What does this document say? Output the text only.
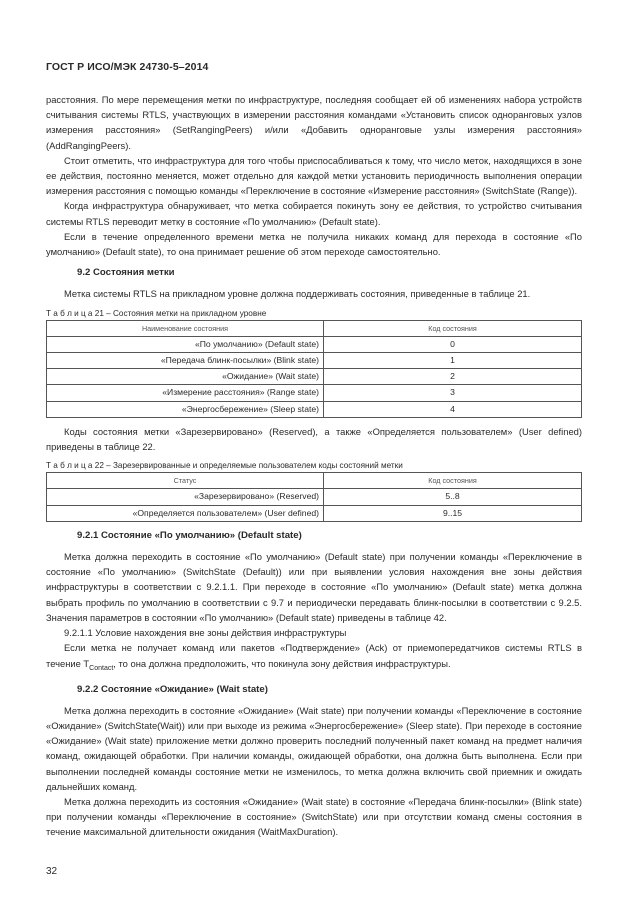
ГОСТ Р ИСО/МЭК 24730-5–2014

расстояния. По мере перемещения метки по инфраструктуре, последняя сообщает ей об изменениях набора устройств считывания системы RTLS, участвующих в измерении расстояния командами «Установить список одноранговых узлов измерения расстояния» (SetRangingPeers) и/или «Добавить одноранговые узлы измерения расстояния» (AddRangingPeers).

Стоит отметить, что инфраструктура для того чтобы приспосабливаться к тому, что число меток, находящихся в зоне ее действия, постоянно меняется, может отдельно для каждой метки установить периодичность выполнения операции измерения расстояния с помощью команды «Переключение в состояние «Измерение расстояния» (SwitchState (Range)).

Когда инфраструктура обнаруживает, что метка собирается покинуть зону ее действия, то устройство считывания системы RTLS переводит метку в состояние «По умолчанию» (Default state).

Если в течение определенного времени метка не получила никаких команд для перехода в состояние «По умолчанию» (Default state), то она принимает решение об этом переходе самостоятельно.

9.2 Состояния метки

Метка системы RTLS на прикладном уровне должна поддерживать состояния, приведенные в таблице 21.

Т а б л и ц а 21 – Состояния метки на прикладном уровне

Наименование состояния	Код состояния
«По умолчанию» (Default state)	0
«Передача блинк-посылки» (Blink state)	1
«Ожидание» (Wait state)	2
«Измерение расстояния» (Range state)	3
«Энергосбережение» (Sleep state)	4

Коды состояния метки «Зарезервировано» (Reserved), а также «Определяется пользователем» (User defined) приведены в таблице 22.

Т а б л и ц а 22 – Зарезервированные и определяемые пользователем коды состояний метки

Статус	Код состояния
«Зарезервировано» (Reserved)	5..8
«Определяется пользователем» (User defined)	9..15

9.2.1 Состояние «По умолчанию» (Default state)

Метка должна переходить в состояние «По умолчанию» (Default state) при получении команды «Переключение в состояние «По умолчанию» (SwitchState (Default)) или при выявлении условия нахождения вне зоны действия инфраструктуры в соответствии с 9.2.1.1. При переходе в состояние «По умолчанию» (Default state) метка должна выбрать профиль по умолчанию в соответствии с 9.7 и периодически передавать блинк-посылки в соответствии с 9.2.5. Значения параметров в состоянии «По умолчанию» (Default state) приведены в таблице 42.

9.2.1.1 Условие нахождения вне зоны действия инфраструктуры

Если метка не получает команд или пакетов «Подтверждение» (Ack) от приемопередатчиков системы RTLS в течение $T_{Contact}$, то она должна предположить, что покинула зону действия инфраструктуры.

9.2.2 Состояние «Ожидание» (Wait state)

Метка должна переходить в состояние «Ожидание» (Wait state) при получении команды «Переключение в состояние «Ожидание» (SwitchState(Wait)) или при выходе из режима «Энергосбережение» (Sleep state). При переходе в состояние «Ожидание» (Wait state) приложение метки должно проверить последний полученный пакет команд на предмет наличия команд, ожидающей обработки. При наличии команды, ожидающей обработки, она должна быть выполнена. Если при выполнении последней команды состояние метки не изменилось, то метка должна включить свой приемник и ожидать дальнейших команд.

Метка должна переходить из состояния «Ожидание» (Wait state) в состояние «Передача блинк-посылки» (Blink state) при получении команды «Переключение в состояние» (SwitchState) или при отсутствии команд смены состояния в течение максимальной длительности ожидания (WaitMaxDuration).

32
